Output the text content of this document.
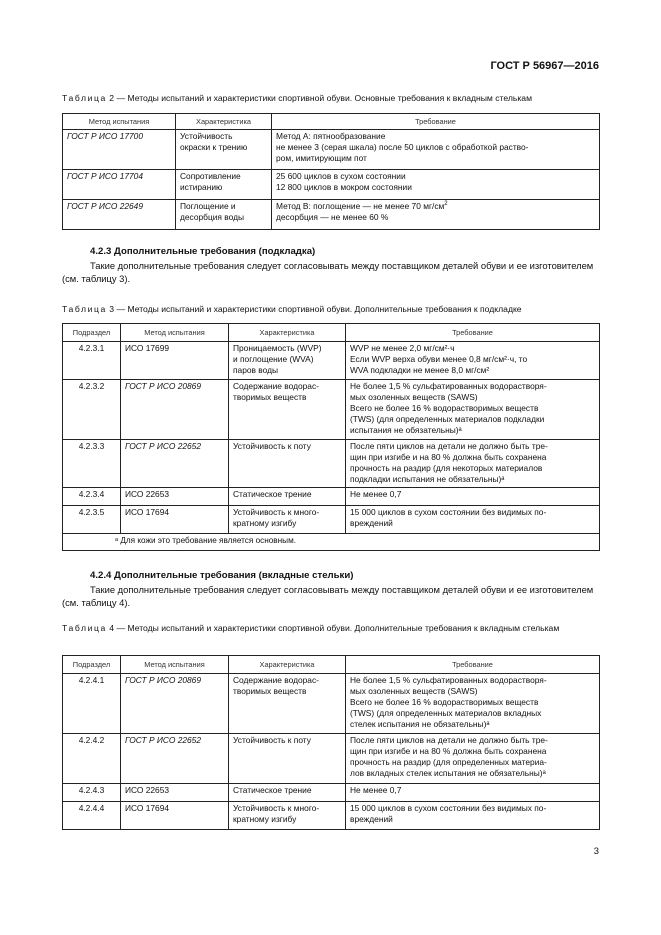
ГОСТ Р 56967—2016
Таблица 2 — Методы испытаний и характеристики спортивной обуви. Основные требования к вкладным стелькам
Метод испытания	Характеристика	Требование
ГОСТ Р ИСО 17700	Устойчивость
окраски к трению	Метод А: пятнообразование
не менее 3 (серая шкала) после 50 циклов с обработкой раство-
ром, имитирующим пот

ГОСТ Р ИСО 17704	Сопротивление
истиранию	25 600 циклов в сухом состоянии
12 800 циклов в мокром состоянии

ГОСТ Р ИСО 22649	Поглощение и
десорбция воды	Метод В: поглощение — не менее 70 $мг/см^2$
десорбция — не менее 60 %
4.2.3 Дополнительные требования (подкладка)
Такие дополнительные требования следует согласовывать между поставщиком деталей обуви и ее изготовителем (см. таблицу 3).
Таблица 3 — Методы испытаний и характеристики спортивной обуви. Дополнительные требования к подкладке
Подраздел	Метод испытания	Характеристика	Требование
4.2.3.1	ИСО 17699	Проницаемость (WVP)
и поглощение (WVA)
паров воды	WVP не менее 2,0 мг/см²·ч
Если WVP верха обуви менее 0,8 мг/см²·ч, то
WVA подкладки не менее 8,0 мг/см²

4.2.3.2	ГОСТ Р ИСО 20869	Содержание водорас-
творимых веществ	Не более 1,5 % сульфатированных водорастворя-
мых озоленных веществ (SAWS)
Всего не более 16 % водорастворимых веществ
(TWS) (для определенных материалов подкладки
испытания не обязательны)ᵃ

4.2.3.3	ГОСТ Р ИСО 22652	Устойчивость к поту	После пяти циклов на детали не должно быть тре-
щин при изгибе и на 80 % должна быть сохранена
прочность на раздир (для некоторых материалов
подкладки испытания не обязательны)ᵃ

4.2.3.4	ИСО 22653	Статическое трение	Не менее 0,7

4.2.3.5	ИСО 17694	Устойчивость к много-
кратному изгибу	15 000 циклов в сухом состоянии без видимых по-
вреждений

ᵃ Для кожи это требование является основным.			
4.2.4 Дополнительные требования (вкладные стельки)
Такие дополнительные требования следует согласовывать между поставщиком деталей обуви и ее изготовителем (см. таблицу 4).
Таблица 4 — Методы испытаний и характеристики спортивной обуви. Дополнительные требования к вкладным стелькам
Подраздел	Метод испытания	Характеристика	Требование
4.2.4.1	ГОСТ Р ИСО 20869	Содержание водорас-
творимых веществ	Не более 1,5 % сульфатированных водорастворя-
мых озоленных веществ (SAWS)
Всего не более 16 % водорастворимых веществ
(TWS) (для определенных материалов вкладных
стелек испытания не обязательны)ᵃ

4.2.4.2	ГОСТ Р ИСО 22652	Устойчивость к поту	После пяти циклов на детали не должно быть тре-
щин при изгибе и на 80 % должна быть сохранена
прочность на раздир (для определенных материа-
лов вкладных стелек испытания не обязательны)ᵃ

4.2.4.3	ИСО 22653	Статическое трение	Не менее 0,7

4.2.4.4	ИСО 17694	Устойчивость к много-
кратному изгибу	15 000 циклов в сухом состоянии без видимых по-
вреждений
3
